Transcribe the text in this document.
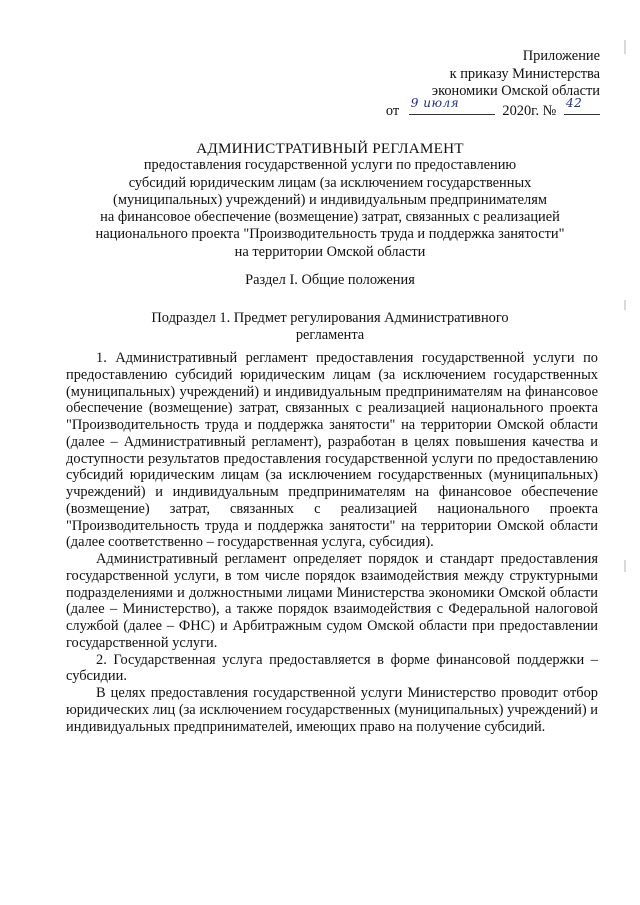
Приложение
к приказу Министерства
экономики Омской области
от 9 июля	2020г. № 42
АДМИНИСТРАТИВНЫЙ РЕГЛАМЕНТ
предоставления государственной услуги по предоставлению
субсидий юридическим лицам (за исключением государственных
(муниципальных) учреждений) и индивидуальным предпринимателям
на финансовое обеспечение (возмещение) затрат, связанных с реализацией
национального проекта "Производительность труда и поддержка занятости"
на территории Омской области
Раздел I. Общие положения
Подраздел 1. Предмет регулирования Административного
регламента

1. Административный регламент предоставления государственной услуги по предоставлению субсидий юридическим лицам (за исключением государственных (муниципальных) учреждений) и индивидуальным предпринимателям на финансовое обеспечение (возмещение) затрат, связанных с реализацией национального проекта "Производительность труда и поддержка занятости" на территории Омской области (далее – Административный регламент), разработан в целях повышения качества и доступности результатов предоставления государственной услуги по предоставлению субсидий юридическим лицам (за исключением государственных (муниципальных) учреждений) и индивидуальным предпринимателям на финансовое обеспечение (возмещение) затрат, связанных с реализацией национального проекта "Производительность труда и поддержка занятости" на территории Омской области (далее соответственно – государственная услуга, субсидия).

Административный регламент определяет порядок и стандарт предоставления государственной услуги, в том числе порядок взаимодействия между структурными подразделениями и должностными лицами Министерства экономики Омской области (далее – Министерство), а также порядок взаимодействия с Федеральной налоговой службой (далее – ФНС) и Арбитражным судом Омской области при предоставлении государственной услуги.

2. Государственная услуга предоставляется в форме финансовой поддержки – субсидии.

В целях предоставления государственной услуги Министерство проводит отбор юридических лиц (за исключением государственных (муниципальных) учреждений) и индивидуальных предпринимателей, имеющих право на получение субсидий.
